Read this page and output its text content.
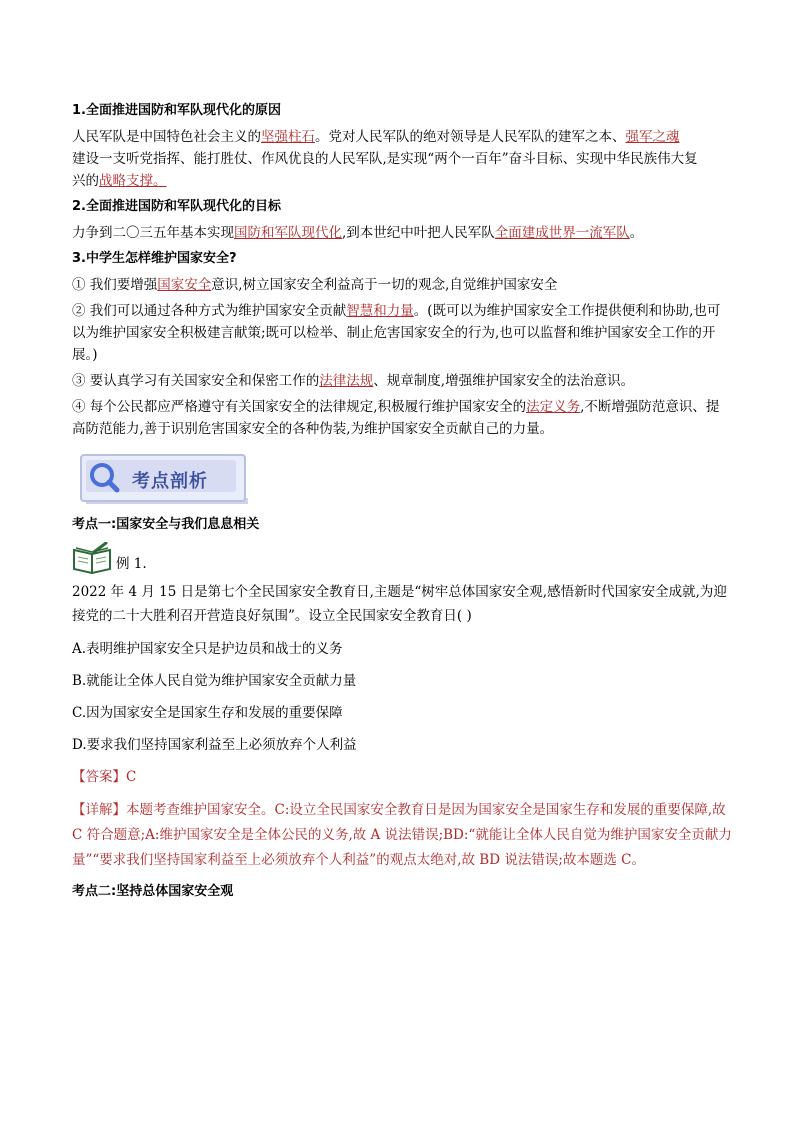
1.全面推进国防和军队现代化的原因

人民军队是中国特色社会主义的坚强柱石。党对人民军队的绝对领导是人民军队的建军之本、强军之魂

建设一支听党指挥、能打胜仗、作风优良的人民军队,是实现“两个一百年”奋斗目标、实现中华民族伟大复
兴的战略支撑。

2.全面推进国防和军队现代化的目标

力争到二〇三五年基本实现国防和军队现代化,到本世纪中叶把人民军队全面建成世界一流军队。

3.中学生怎样维护国家安全?

① 我们要增强国家安全意识,树立国家安全利益高于一切的观念,自觉维护国家安全

② 我们可以通过各种方式为维护国家安全贡献智慧和力量。(既可以为维护国家安全工作提供便利和协助,也可以为维护国家安全积极建言献策;既可以检举、制止危害国家安全的行为,也可以监督和维护国家安全工作的开展。)

③ 要认真学习有关国家安全和保密工作的法律法规、规章制度,增强维护国家安全的法治意识。

④ 每个公民都应严格遵守有关国家安全的法律规定,积极履行维护国家安全的法定义务,不断增强防范意识、提高防范能力,善于识别危害国家安全的各种伪装,为维护国家安全贡献自己的力量。

考点剖析

考点一:国家安全与我们息息相关

例 1.

2022 年 4 月 15 日是第七个全民国家安全教育日,主题是“树牢总体国家安全观,感悟新时代国家安全成就,为迎接党的二十大胜利召开营造良好氛围”。设立全民国家安全教育日( )

A.表明维护国家安全只是护边员和战士的义务

B.就能让全体人民自觉为维护国家安全贡献力量

C.因为国家安全是国家生存和发展的重要保障

D.要求我们坚持国家利益至上必须放弃个人利益

【答案】C

【详解】本题考查维护国家安全。C:设立全民国家安全教育日是因为国家安全是国家生存和发展的重要保障,故 C 符合题意;A:维护国家安全是全体公民的义务,故 A 说法错误;BD:“就能让全体人民自觉为维护国家安全贡献力量”“要求我们坚持国家利益至上必须放弃个人利益”的观点太绝对,故 BD 说法错误;故本题选 C。

考点二:坚持总体国家安全观
